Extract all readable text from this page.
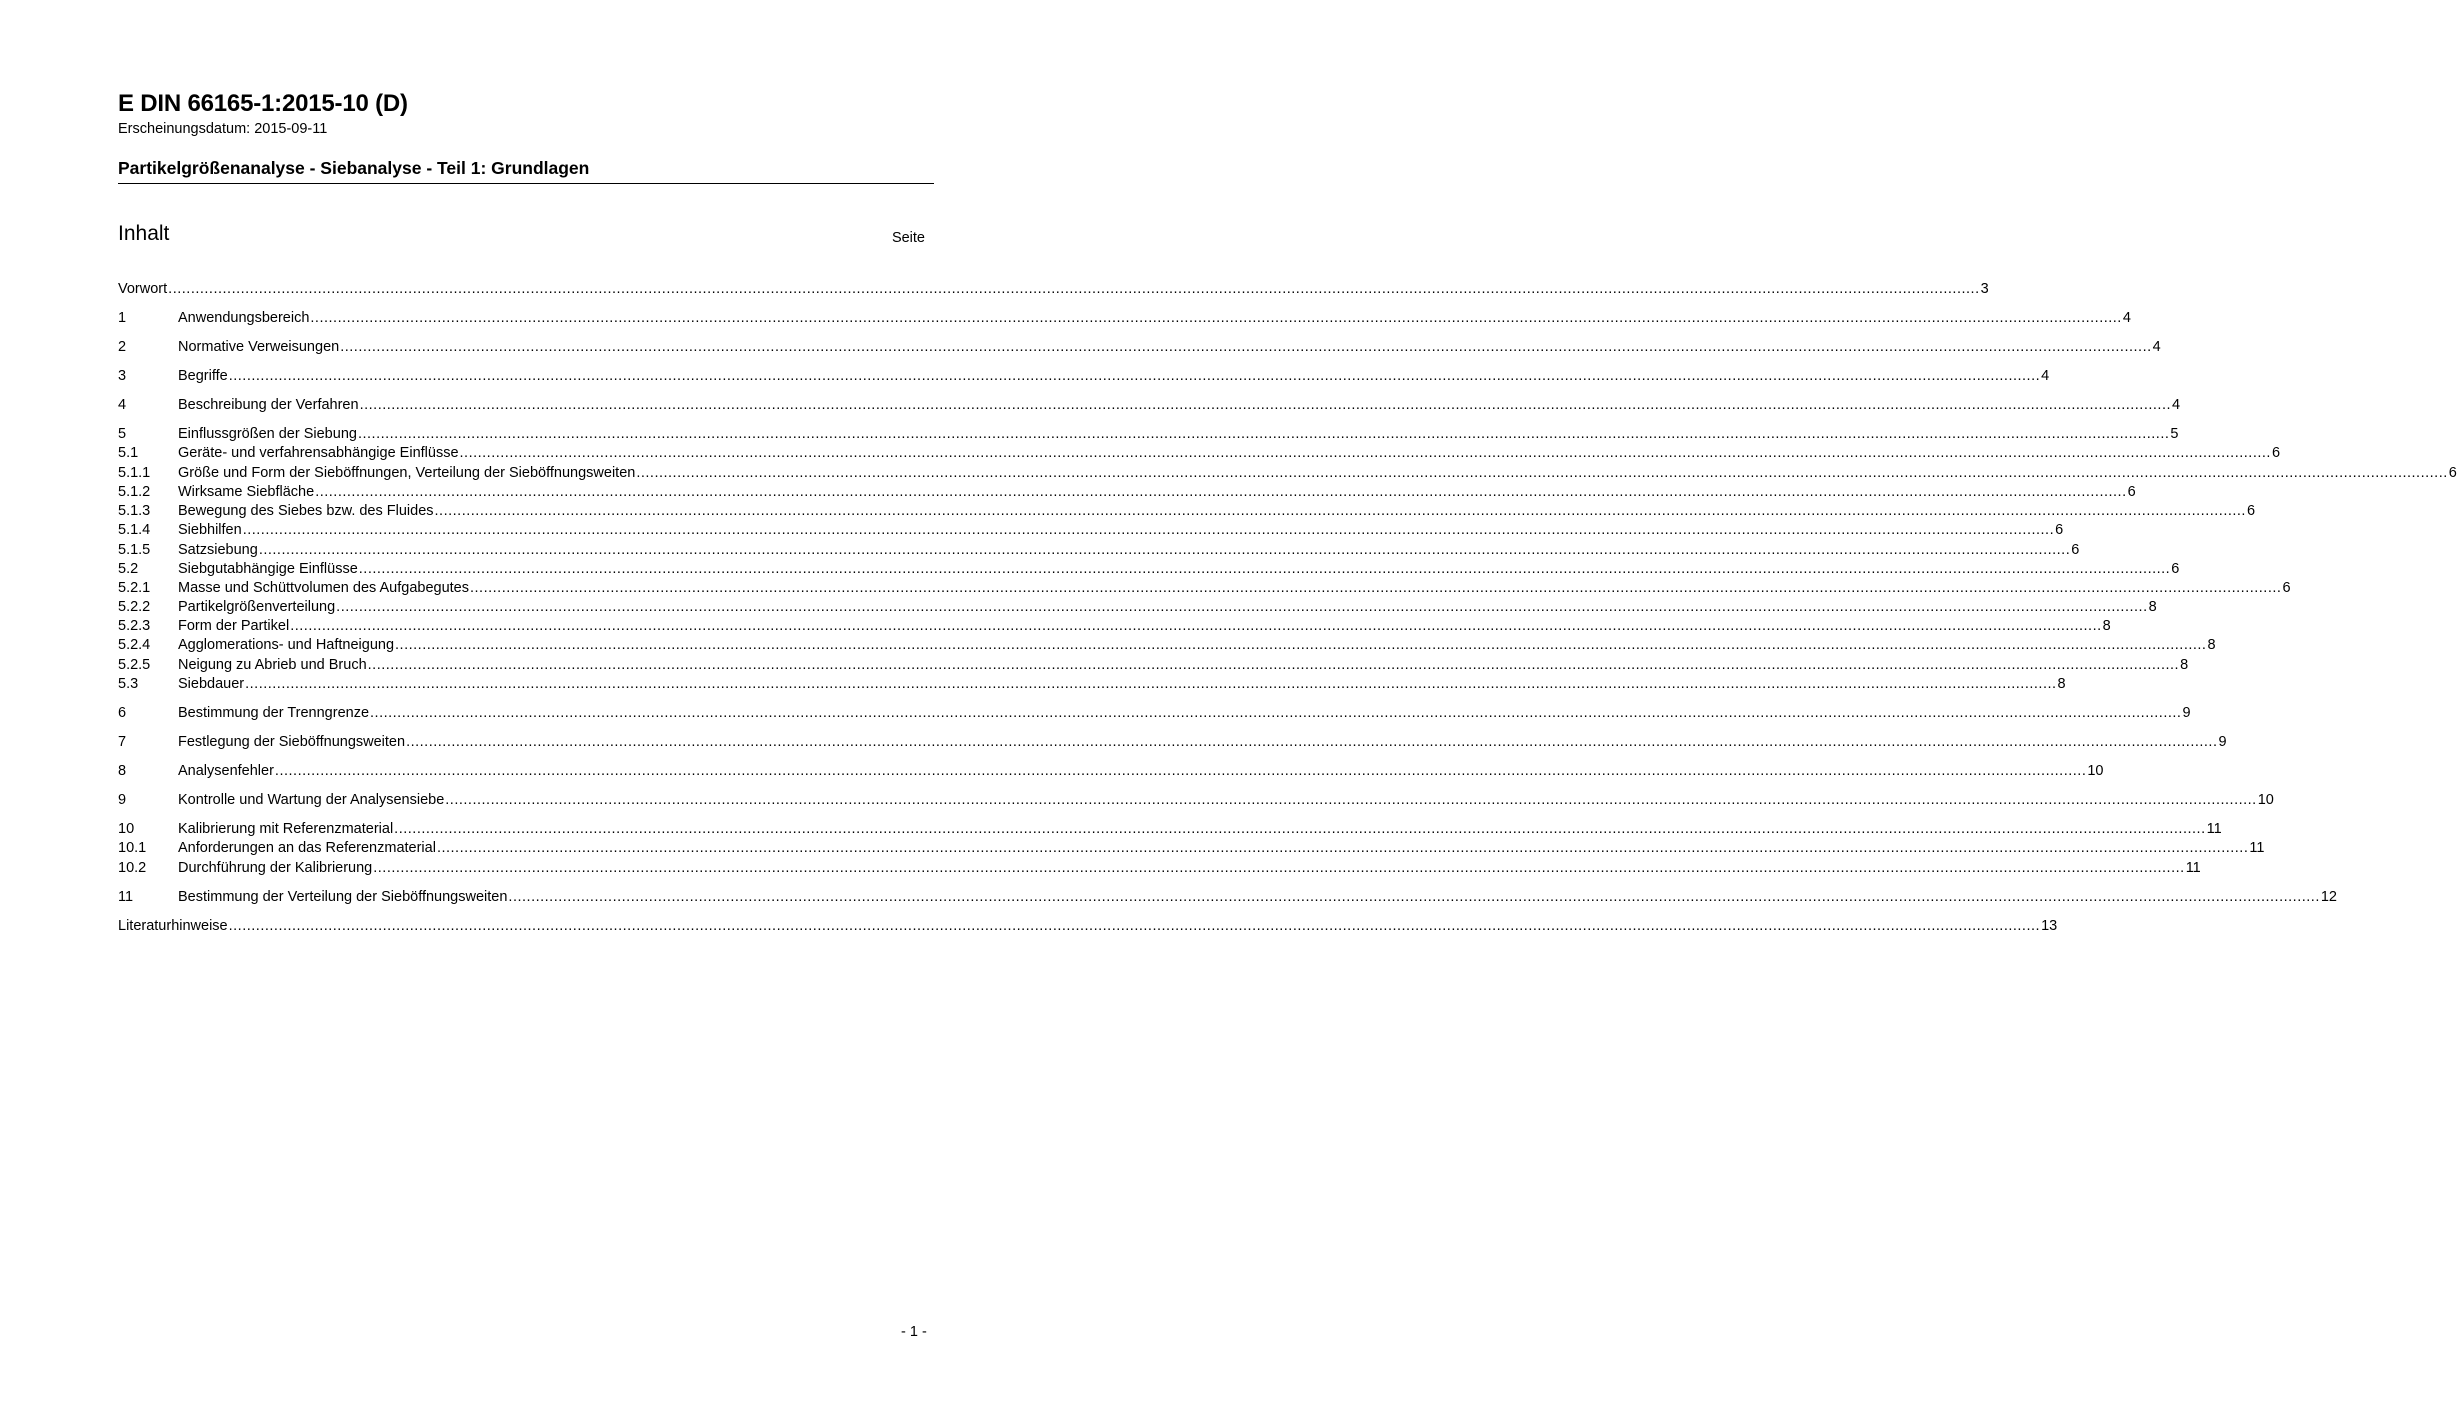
E DIN 66165-1:2015-10 (D)
Erscheinungsdatum: 2015-09-11
Partikelgrößenanalyse - Siebanalyse - Teil 1: Grundlagen
Inhalt	Seite
Vorwort ................................................................................................................................................................................................................................................................................................................................................................................................................ 3
1	Anwendungsbereich ................................................................................................................................................................................................................................................................................................................................................................................................................ 4
2	Normative Verweisungen ................................................................................................................................................................................................................................................................................................................................................................................................................ 4
3	Begriffe ................................................................................................................................................................................................................................................................................................................................................................................................................ 4
4	Beschreibung der Verfahren ................................................................................................................................................................................................................................................................................................................................................................................................................ 4
5	Einflussgrößen der Siebung ................................................................................................................................................................................................................................................................................................................................................................................................................ 5
5.1	Geräte- und verfahrensabhängige Einflüsse ................................................................................................................................................................................................................................................................................................................................................................................................................ 6
5.1.1 Größe und Form der Sieböffnungen, Verteilung der Sieböffnungsweiten ................................................................................................................................................................................................................................................................................................................................................................................................................ 6
5.1.2 Wirksame Siebfläche ................................................................................................................................................................................................................................................................................................................................................................................................................ 6
5.1.3 Bewegung des Siebes bzw. des Fluides ................................................................................................................................................................................................................................................................................................................................................................................................................ 6
5.1.4 Siebhilfen ................................................................................................................................................................................................................................................................................................................................................................................................................ 6
5.1.5 Satzsiebung ................................................................................................................................................................................................................................................................................................................................................................................................................ 6
5.2	Siebgutabhängige Einflüsse ................................................................................................................................................................................................................................................................................................................................................................................................................ 6
5.2.1 Masse und Schüttvolumen des Aufgabegutes ................................................................................................................................................................................................................................................................................................................................................................................................................ 6
5.2.2 Partikelgrößenverteilung ................................................................................................................................................................................................................................................................................................................................................................................................................ 8
5.2.3 Form der Partikel ................................................................................................................................................................................................................................................................................................................................................................................................................ 8
5.2.4 Agglomerations- und Haftneigung ................................................................................................................................................................................................................................................................................................................................................................................................................ 8
5.2.5 Neigung zu Abrieb und Bruch ................................................................................................................................................................................................................................................................................................................................................................................................................ 8
5.3	Siebdauer ................................................................................................................................................................................................................................................................................................................................................................................................................ 8
6	Bestimmung der Trenngrenze ................................................................................................................................................................................................................................................................................................................................................................................................................ 9
7	Festlegung der Sieböffnungsweiten ................................................................................................................................................................................................................................................................................................................................................................................................................ 9
8	Analysenfehler ................................................................................................................................................................................................................................................................................................................................................................................................................ 10
9	Kontrolle und Wartung der Analysensiebe ................................................................................................................................................................................................................................................................................................................................................................................................................ 10
10	Kalibrierung mit Referenzmaterial ................................................................................................................................................................................................................................................................................................................................................................................................................ 11
10.1 Anforderungen an das Referenzmaterial ................................................................................................................................................................................................................................................................................................................................................................................................................ 11
10.2 Durchführung der Kalibrierung ................................................................................................................................................................................................................................................................................................................................................................................................................ 11
11	Bestimmung der Verteilung der Sieböffnungsweiten ................................................................................................................................................................................................................................................................................................................................................................................................................ 12
Literaturhinweise ................................................................................................................................................................................................................................................................................................................................................................................................................ 13
- 1 -
